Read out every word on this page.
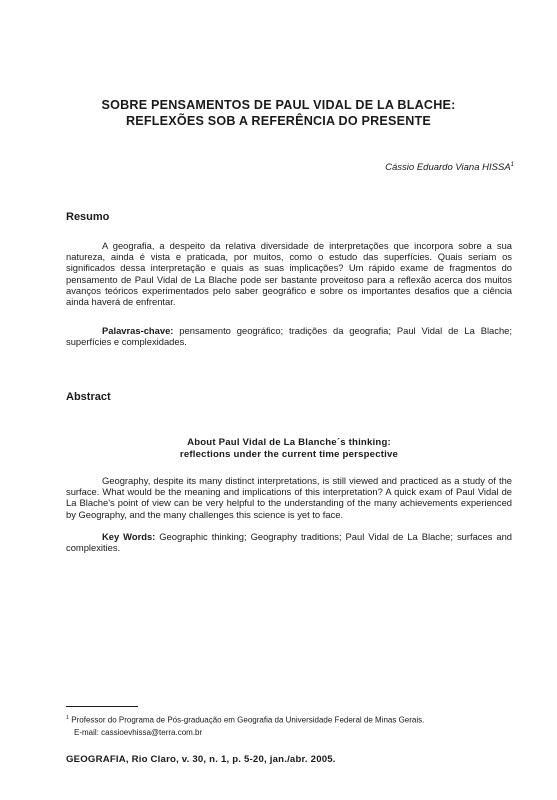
SOBRE PENSAMENTOS DE PAUL VIDAL DE LA BLACHE:
REFLEXÕES SOB A REFERÊNCIA DO PRESENTE
Cássio Eduardo Viana HISSA$^1$
Resumo
A geografia, a despeito da relativa diversidade de interpretações que incorpora sobre a sua natureza, ainda é vista e praticada, por muitos, como o estudo das superfícies. Quais seriam os significados dessa interpretação e quais as suas implicações? Um rápido exame de fragmentos do pensamento de Paul Vidal de La Blache pode ser bastante proveitoso para a reflexão acerca dos muitos avanços teóricos experimentados pelo saber geográfico e sobre os importantes desafios que a ciência ainda haverá de enfrentar.
Palavras-chave: pensamento geográfico; tradições da geografia; Paul Vidal de La Blache; superfícies e complexidades.
Abstract
About Paul Vidal de La Blanche´s thinking:
reflections under the current time perspective
Geography, despite its many distinct interpretations, is still viewed and practiced as a study of the surface. What would be the meaning and implications of this interpretation? A quick exam of Paul Vidal de La Blache's point of view can be very helpful to the understanding of the many achievements experienced by Geography, and the many challenges this science is yet to face.
Key Words: Geographic thinking; Geography traditions; Paul Vidal de La Blache; surfaces and complexities.
$^1$ Professor do Programa de Pós-graduação em Geografia da Universidade Federal de Minas Gerais.
E-mail: cassioevhissa@terra.com.br
GEOGRAFIA, Rio Claro, v. 30, n. 1, p. 5-20, jan./abr. 2005.
